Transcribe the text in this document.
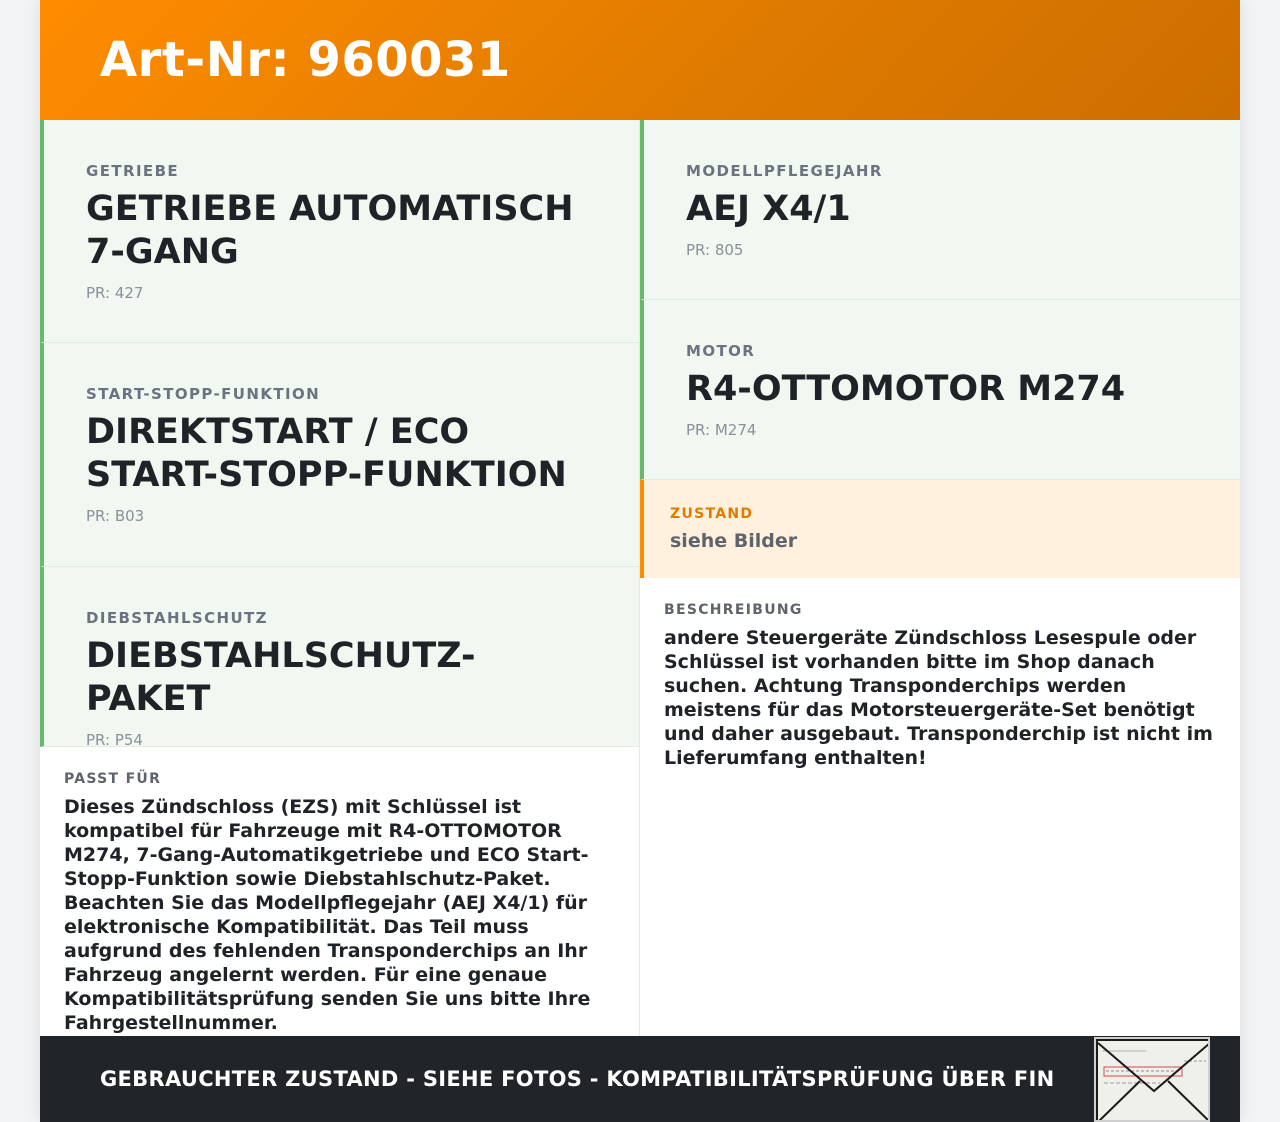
Art-Nr: 960031
GETRIEBE
GETRIEBE AUTOMATISCH 7-GANG
PR: 427
START-STOPP-FUNKTION
DIREKTSTART / ECO START-STOPP-FUNKTION
PR: B03
DIEBSTAHLSCHUTZ
DIEBSTAHLSCHUTZ-PAKET
PR: P54
PASST FÜR
Dieses Zündschloss (EZS) mit Schlüssel ist kompatibel für Fahrzeuge mit R4-OTTOMOTOR M274, 7-Gang-Automatikgetriebe und ECO Start-Stopp-Funktion sowie Diebstahlschutz-Paket. Beachten Sie das Modellpflegejahr (AEJ X4/1) für elektronische Kompatibilität. Das Teil muss aufgrund des fehlenden Transponderchips an Ihr Fahrzeug angelernt werden. Für eine genaue Kompatibilitätsprüfung senden Sie uns bitte Ihre Fahrgestellnummer.
MODELLPFLEGEJAHR
AEJ X4/1
PR: 805
MOTOR
R4-OTTOMOTOR M274
PR: M274
ZUSTAND
siehe Bilder
BESCHREIBUNG
andere Steuergeräte Zündschloss Lesespule oder Schlüssel ist vorhanden bitte im Shop danach suchen. Achtung Transponderchips werden meistens für das Motorsteuergeräte-Set benötigt und daher ausgebaut. Transponderchip ist nicht im Lieferumfang enthalten!
GEBRAUCHTER ZUSTAND - SIEHE FOTOS - KOMPATIBILITÄTSPRÜFUNG ÜBER FIN
